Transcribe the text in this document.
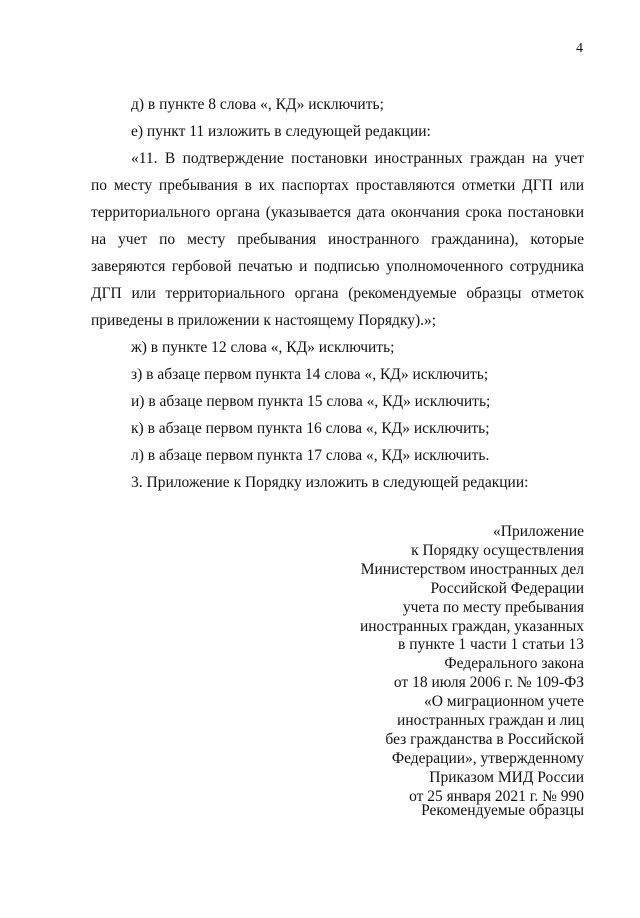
4
д) в пункте 8 слова «, КД» исключить;
е) пункт 11 изложить в следующей редакции:
«11. В подтверждение постановки иностранных граждан на учет
по месту пребывания в их паспортах проставляются отметки ДГП или
территориального органа (указывается дата окончания срока постановки
на учет по месту пребывания иностранного гражданина), которые
заверяются гербовой печатью и подписью уполномоченного сотрудника
ДГП или территориального органа (рекомендуемые образцы отметок
приведены в приложении к настоящему Порядку).»;
ж) в пункте 12 слова «, КД» исключить;
з) в абзаце первом пункта 14 слова «, КД» исключить;
и) в абзаце первом пункта 15 слова «, КД» исключить;
к) в абзаце первом пункта 16 слова «, КД» исключить;
л) в абзаце первом пункта 17 слова «, КД» исключить.
3. Приложение к Порядку изложить в следующей редакции:
«Приложение
к Порядку осуществления
Министерством иностранных дел
Российской Федерации
учета по месту пребывания
иностранных граждан, указанных
в пункте 1 части 1 статьи 13
Федерального закона
от 18 июля 2006 г. № 109-ФЗ
«О миграционном учете
иностранных граждан и лиц
без гражданства в Российской
Федерации», утвержденному
Приказом МИД России
от 25 января 2021 г. № 990
Рекомендуемые образцы
